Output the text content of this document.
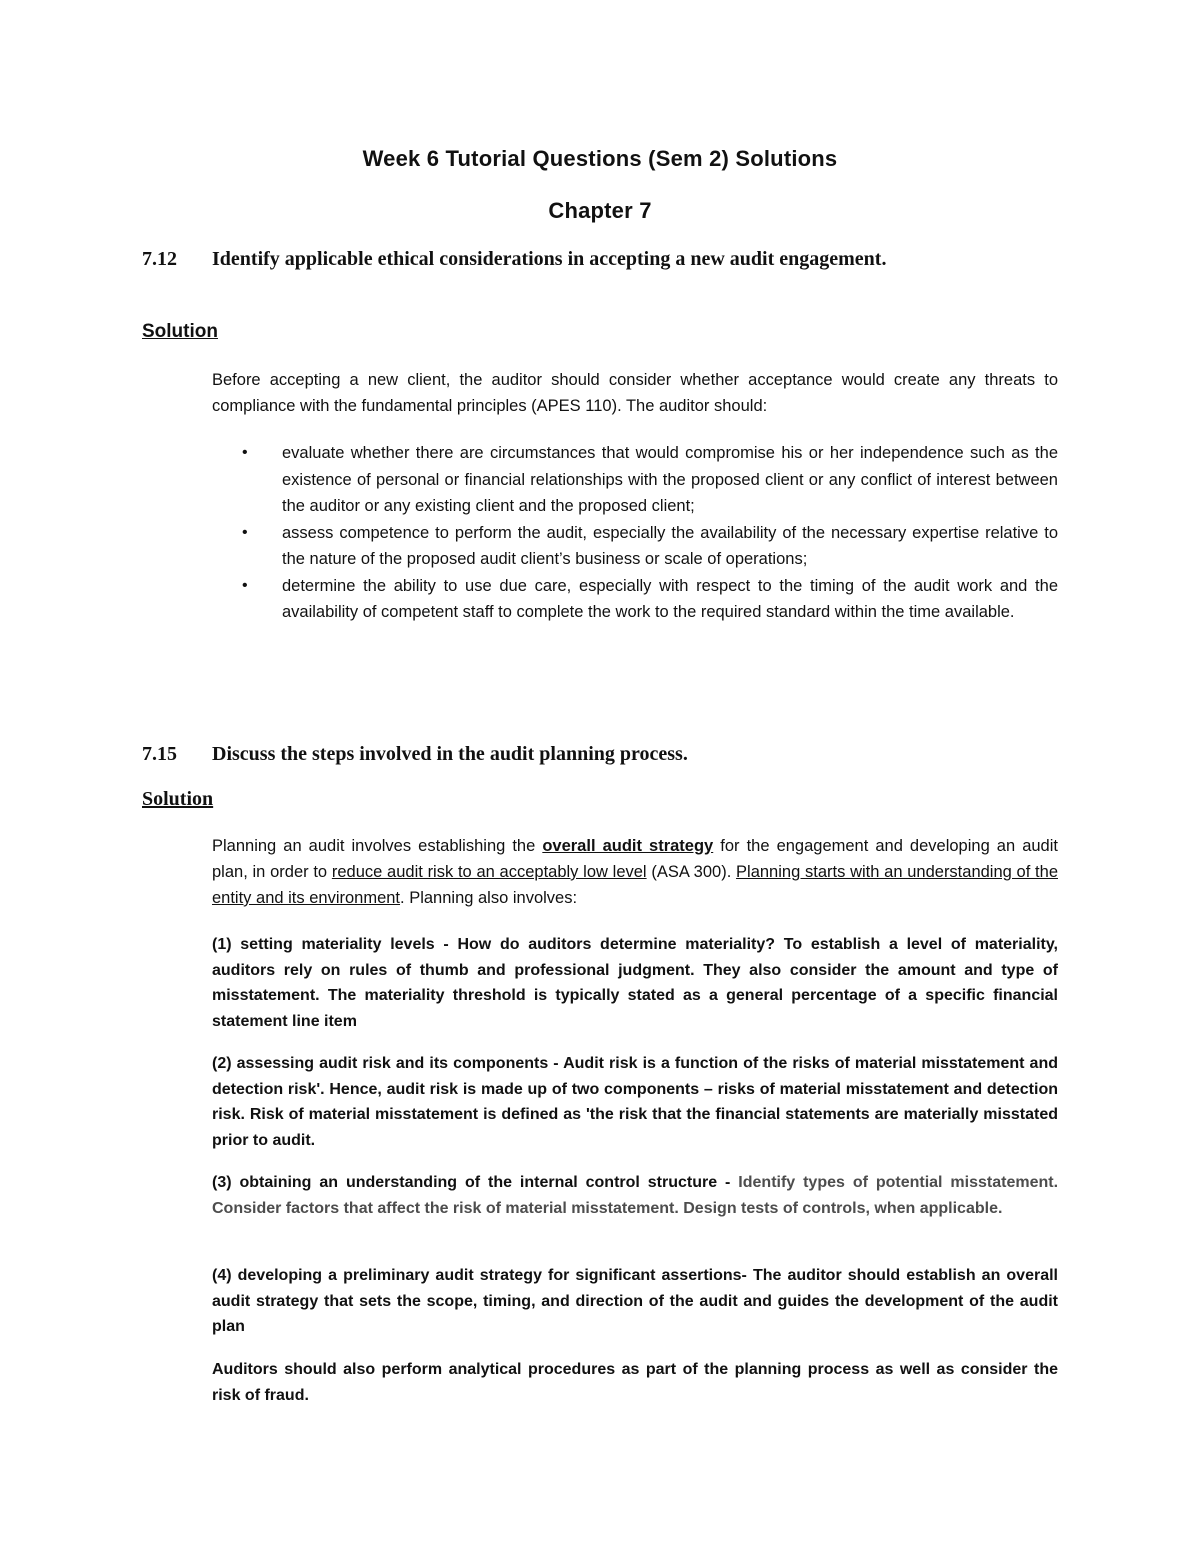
Week 6 Tutorial Questions (Sem 2) Solutions
Chapter 7
7.12 Identify applicable ethical considerations in accepting a new audit engagement.
Solution
Before accepting a new client, the auditor should consider whether acceptance would create any threats to compliance with the fundamental principles (APES 110). The auditor should:
• evaluate whether there are circumstances that would compromise his or her independence such as the existence of personal or financial relationships with the proposed client or any conflict of interest between the auditor or any existing client and the proposed client;
• assess competence to perform the audit, especially the availability of the necessary expertise relative to the nature of the proposed audit client’s business or scale of operations;
• determine the ability to use due care, especially with respect to the timing of the audit work and the availability of competent staff to complete the work to the required standard within the time available.
7.15 Discuss the steps involved in the audit planning process.
Solution
Planning an audit involves establishing the overall audit strategy for the engagement and developing an audit plan, in order to reduce audit risk to an acceptably low level (ASA 300). Planning starts with an understanding of the entity and its environment. Planning also involves:
(1) setting materiality levels - How do auditors determine materiality? To establish a level of materiality, auditors rely on rules of thumb and professional judgment. They also consider the amount and type of misstatement. The materiality threshold is typically stated as a general percentage of a specific financial statement line item
(2) assessing audit risk and its components - Audit risk is a function of the risks of material misstatement and detection risk'. Hence, audit risk is made up of two components – risks of material misstatement and detection risk. Risk of material misstatement is defined as 'the risk that the financial statements are materially misstated prior to audit.
(3) obtaining an understanding of the internal control structure - Identify types of potential misstatement. Consider factors that affect the risk of material misstatement. Design tests of controls, when applicable.
(4) developing a preliminary audit strategy for significant assertions- The auditor should establish an overall audit strategy that sets the scope, timing, and direction of the audit and guides the development of the audit plan
Auditors should also perform analytical procedures as part of the planning process as well as consider the risk of fraud.
